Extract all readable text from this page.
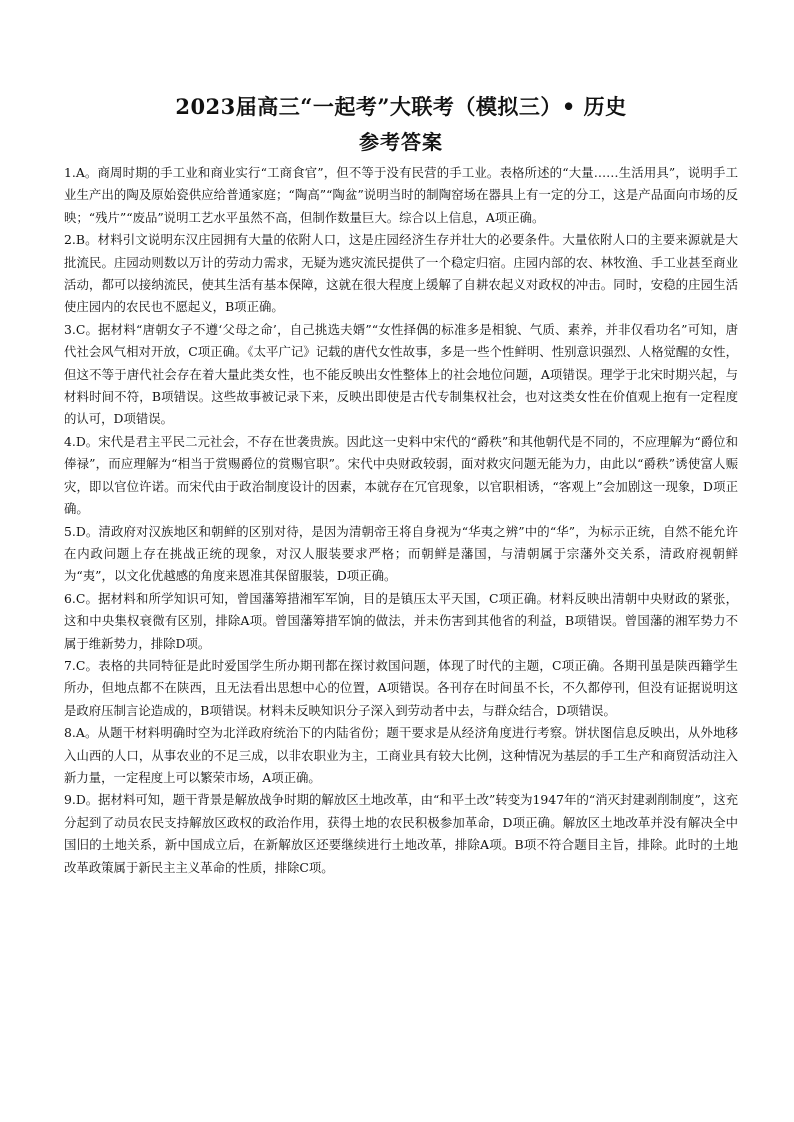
2023届高三“一起考”大联考（模拟三）• 历史
参考答案

1.A。商周时期的手工业和商业实行“工商食官”，但不等于没有民营的手工业。表格所述的“大量……生活用具”，说明手工业生产出的陶及原始瓷供应给普通家庭；“陶高”“陶盆”说明当时的制陶窑场在器具上有一定的分工，这是产品面向市场的反映；“残片”“废品”说明工艺水平虽然不高，但制作数量巨大。综合以上信息，A项正确。

2.B。材料引文说明东汉庄园拥有大量的依附人口，这是庄园经济生存并壮大的必要条件。大量依附人口的主要来源就是大批流民。庄园动则数以万计的劳动力需求，无疑为逃灾流民提供了一个稳定归宿。庄园内部的农、林牧渔、手工业甚至商业活动，都可以接纳流民，使其生活有基本保障，这就在很大程度上缓解了自耕农起义对政权的冲击。同时，安稳的庄园生活使庄园内的农民也不愿起义，B项正确。

3.C。据材料“唐朝女子不遵‘父母之命’，自己挑选夫婿”“女性择偶的标准多是相貌、气质、素养，并非仅看功名”可知，唐代社会风气相对开放，C项正确。《太平广记》记载的唐代女性故事，多是一些个性鲜明、性别意识强烈、人格觉醒的女性，但这不等于唐代社会存在着大量此类女性，也不能反映出女性整体上的社会地位问题，A项错误。理学于北宋时期兴起，与材料时间不符，B项错误。这些故事被记录下来，反映出即使是古代专制集权社会，也对这类女性在价值观上抱有一定程度的认可，D项错误。

4.D。宋代是君主平民二元社会，不存在世袭贵族。因此这一史料中宋代的“爵秩”和其他朝代是不同的，不应理解为“爵位和俸禄”，而应理解为“相当于赏赐爵位的赏赐官职”。宋代中央财政较弱，面对救灾问题无能为力，由此以“爵秩”诱使富人赈灾，即以官位许诺。而宋代由于政治制度设计的因素，本就存在冗官现象，以官职相诱，“客观上”会加剧这一现象，D项正确。

5.D。清政府对汉族地区和朝鲜的区别对待，是因为清朝帝王将自身视为“华夷之辨”中的“华”，为标示正统，自然不能允许在内政问题上存在挑战正统的现象，对汉人服装要求严格；而朝鲜是藩国，与清朝属于宗藩外交关系，清政府视朝鲜为“夷”，以文化优越感的角度来恩准其保留服装，D项正确。

6.C。据材料和所学知识可知，曾国藩筹措湘军军饷，目的是镇压太平天国，C项正确。材料反映出清朝中央财政的紧张，这和中央集权衰微有区别，排除A项。曾国藩筹措军饷的做法，并未伤害到其他省的利益，B项错误。曾国藩的湘军势力不属于维新势力，排除D项。

7.C。表格的共同特征是此时爱国学生所办期刊都在探讨救国问题，体现了时代的主题，C项正确。各期刊虽是陕西籍学生所办，但地点都不在陕西，且无法看出思想中心的位置，A项错误。各刊存在时间虽不长，不久都停刊，但没有证据说明这是政府压制言论造成的，B项错误。材料未反映知识分子深入到劳动者中去，与群众结合，D项错误。

8.A。从题干材料明确时空为北洋政府统治下的内陆省份；题干要求是从经济角度进行考察。饼状图信息反映出，从外地移入山西的人口，从事农业的不足三成，以非农职业为主，工商业具有较大比例，这种情况为基层的手工生产和商贸活动注入新力量，一定程度上可以繁荣市场，A项正确。

9.D。据材料可知，题干背景是解放战争时期的解放区土地改革，由“和平土改”转变为1947年的“消灭封建剥削制度”，这充分起到了动员农民支持解放区政权的政治作用，获得土地的农民积极参加革命，D项正确。解放区土地改革并没有解决全中国旧的土地关系，新中国成立后，在新解放区还要继续进行土地改革，排除A项。B项不符合题目主旨，排除。此时的土地改革政策属于新民主主义革命的性质，排除C项。
